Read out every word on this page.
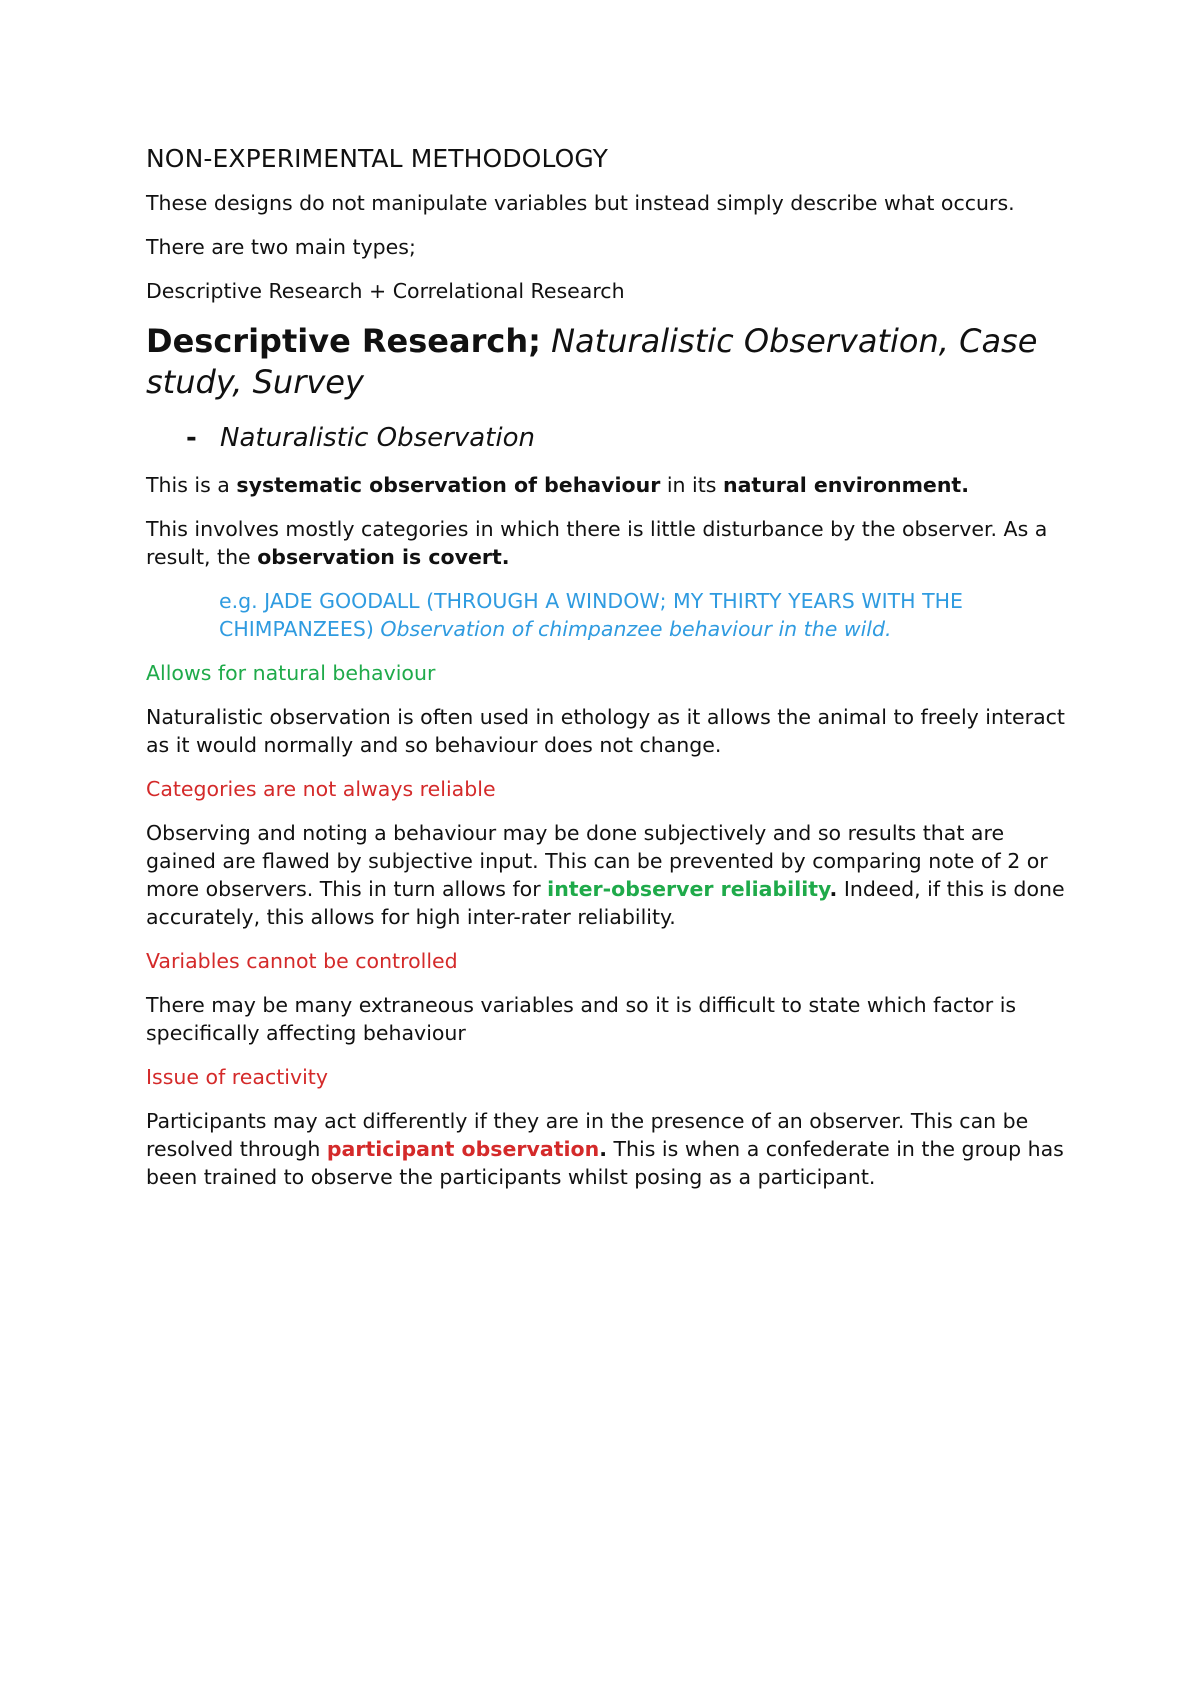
NON-EXPERIMENTAL METHODOLOGY

These designs do not manipulate variables but instead simply describe what occurs.

There are two main types;

Descriptive Research + Correlational Research

Descriptive Research; Naturalistic Observation, Case study, Survey

- Naturalistic Observation

This is a systematic observation of behaviour in its natural environment.

This involves mostly categories in which there is little disturbance by the observer. As a result, the observation is covert.

e.g. JADE GOODALL (THROUGH A WINDOW; MY THIRTY YEARS WITH THE CHIMPANZEES) Observation of chimpanzee behaviour in the wild.

Allows for natural behaviour

Naturalistic observation is often used in ethology as it allows the animal to freely interact as it would normally and so behaviour does not change.

Categories are not always reliable

Observing and noting a behaviour may be done subjectively and so results that are gained are flawed by subjective input. This can be prevented by comparing note of 2 or more observers. This in turn allows for inter-observer reliability. Indeed, if this is done accurately, this allows for high inter-rater reliability.

Variables cannot be controlled

There may be many extraneous variables and so it is difficult to state which factor is specifically affecting behaviour

Issue of reactivity

Participants may act differently if they are in the presence of an observer. This can be resolved through participant observation. This is when a confederate in the group has been trained to observe the participants whilst posing as a participant.
